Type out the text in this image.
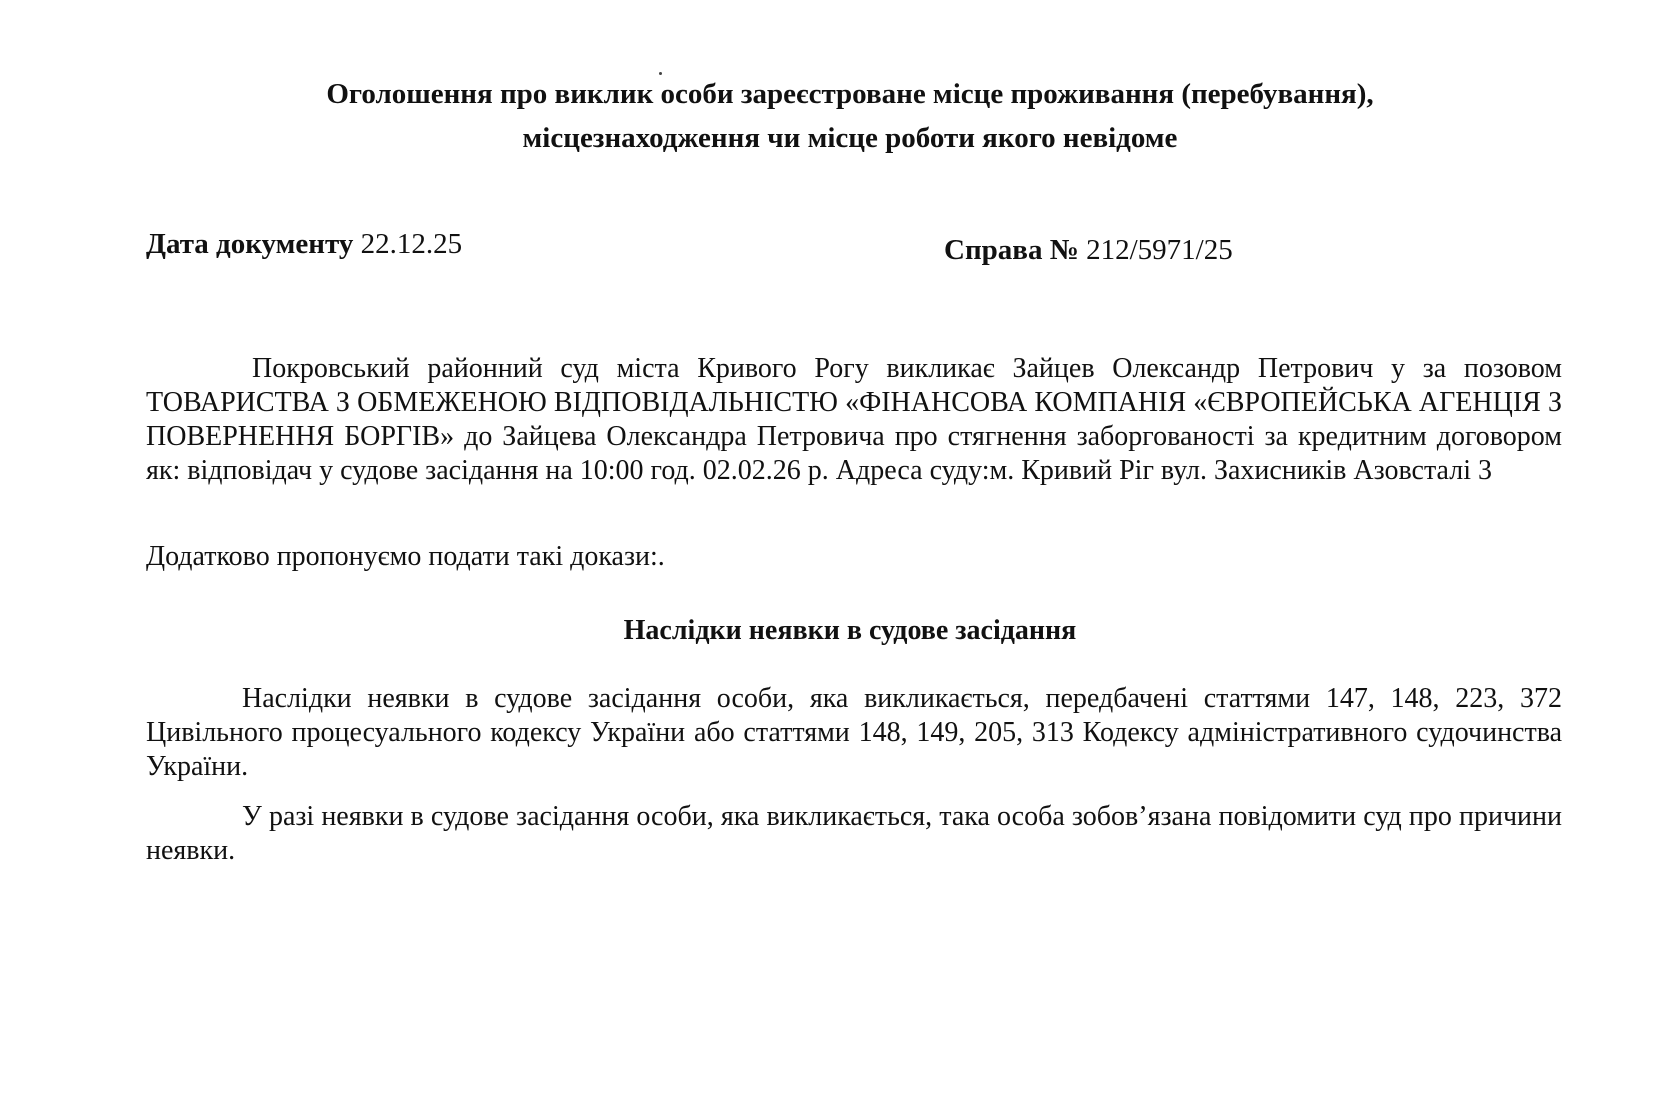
Оголошення про виклик особи зареєстроване місце проживання (перебування),
місцезнаходження чи місце роботи якого невідоме
Дата документу 22.12.25	Справа № 212/5971/25

Покровський районний суд міста Кривого Рогу викликає Зайцев Олександр Петрович у за позовом ТОВАРИСТВА З ОБМЕЖЕНОЮ ВІДПОВІДАЛЬНІСТЮ «ФІНАНСОВА КОМПАНІЯ «ЄВРОПЕЙСЬКА АГЕНЦІЯ З ПОВЕРНЕННЯ БОРГІВ» до Зайцева Олександра Петровича про стягнення заборгованості за кредитним договором як: відповідач у судове засідання на 10:00 год. 02.02.26 р. Адреса суду:м. Кривий Ріг вул. Захисників Азовсталі 3

Додатково пропонуємо подати такі докази:.

Наслідки неявки в судове засідання

Наслідки неявки в судове засідання особи, яка викликається, передбачені статтями 147, 148, 223, 372 Цивільного процесуального кодексу України або статтями 148, 149, 205, 313 Кодексу адміністративного судочинства України.

У разі неявки в судове засідання особи, яка викликається, така особа зобов’язана повідомити суд про причини неявки.
